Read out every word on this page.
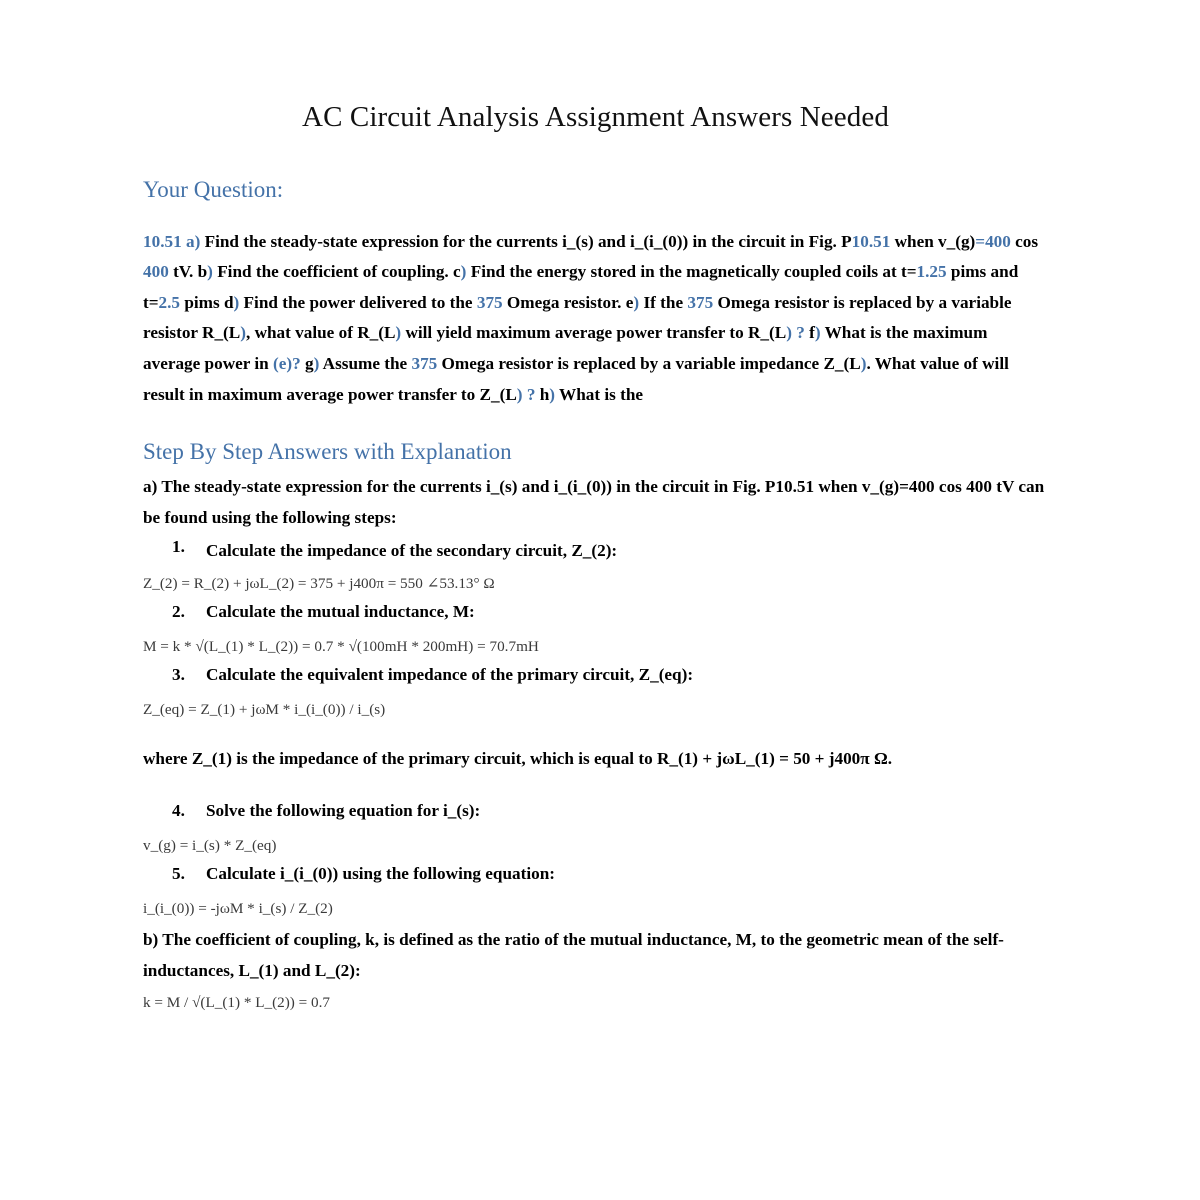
AC Circuit Analysis Assignment Answers Needed
Your Question:

10.51 a) Find the steady-state expression for the currents i_(s) and i_(i_(0)) in the circuit in Fig. P10.51 when v_(g)=400 cos 400 tV. b) Find the coefficient of coupling. c) Find the energy stored in the magnetically coupled coils at t=1.25 pims and t=2.5 pims d) Find the power delivered to the 375 Omega resistor. e) If the 375 Omega resistor is replaced by a variable resistor R_(L), what value of R_(L) will yield maximum average power transfer to R_(L) ? f) What is the maximum average power in (e)? g) Assume the 375 Omega resistor is replaced by a variable impedance Z_(L). What value of will result in maximum average power transfer to Z_(L) ? h) What is the

Step By Step Answers with Explanation

a) The steady-state expression for the currents i_(s) and i_(i_(0)) in the circuit in Fig. P10.51 when v_(g)=400 cos 400 tV can be found using the following steps:

1. Calculate the impedance of the secondary circuit, Z_(2):

Z_(2) = R_(2) + jωL_(2) = 375 + j400π = 550 ∠53.13° Ω

2. Calculate the mutual inductance, M:

M = k * √(L_(1) * L_(2)) = 0.7 * √(100mH * 200mH) = 70.7mH

3. Calculate the equivalent impedance of the primary circuit, Z_(eq):

Z_(eq) = Z_(1) + jωM * i_(i_(0)) / i_(s)

where Z_(1) is the impedance of the primary circuit, which is equal to R_(1) + jωL_(1) = 50 + j400π Ω.

4. Solve the following equation for i_(s):

v_(g) = i_(s) * Z_(eq)

5. Calculate i_(i_(0)) using the following equation:

i_(i_(0)) = -jωM * i_(s) / Z_(2)

b) The coefficient of coupling, k, is defined as the ratio of the mutual inductance, M, to the geometric mean of the self-inductances, L_(1) and L_(2):

k = M / √(L_(1) * L_(2)) = 0.7
